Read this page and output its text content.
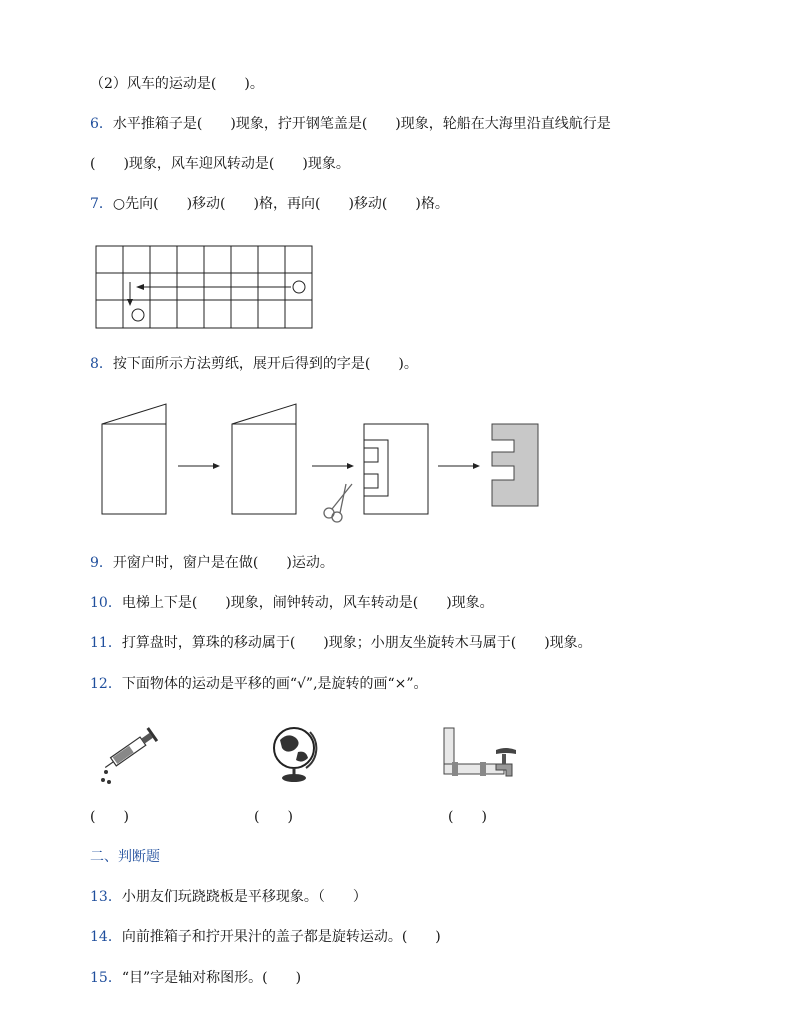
（2）风车的运动是(　　)。
6．水平推箱子是(　　)现象，拧开钢笔盖是(　　)现象，轮船在大海里沿直线航行是
(　　)现象，风车迎风转动是(　　)现象。
7．○先向(　　)移动(　　)格，再向(　　)移动(　　)格。
8．按下面所示方法剪纸，展开后得到的字是(　　)。
9．开窗户时，窗户是在做(　　)运动。
10．电梯上下是(　　)现象，闹钟转动，风车转动是(　　)现象。
11．打算盘时，算珠的移动属于(　　)现象；小朋友坐旋转木马属于(　　)现象。
12．下面物体的运动是平移的画“√”,是旋转的画“×”。
(　　)	(　　)	(　　)
二、判断题
13．小朋友们玩跷跷板是平移现象。（　　）
14．向前推箱子和拧开果汁的盖子都是旋转运动。(　　)
15．“目”字是轴对称图形。(　　)
